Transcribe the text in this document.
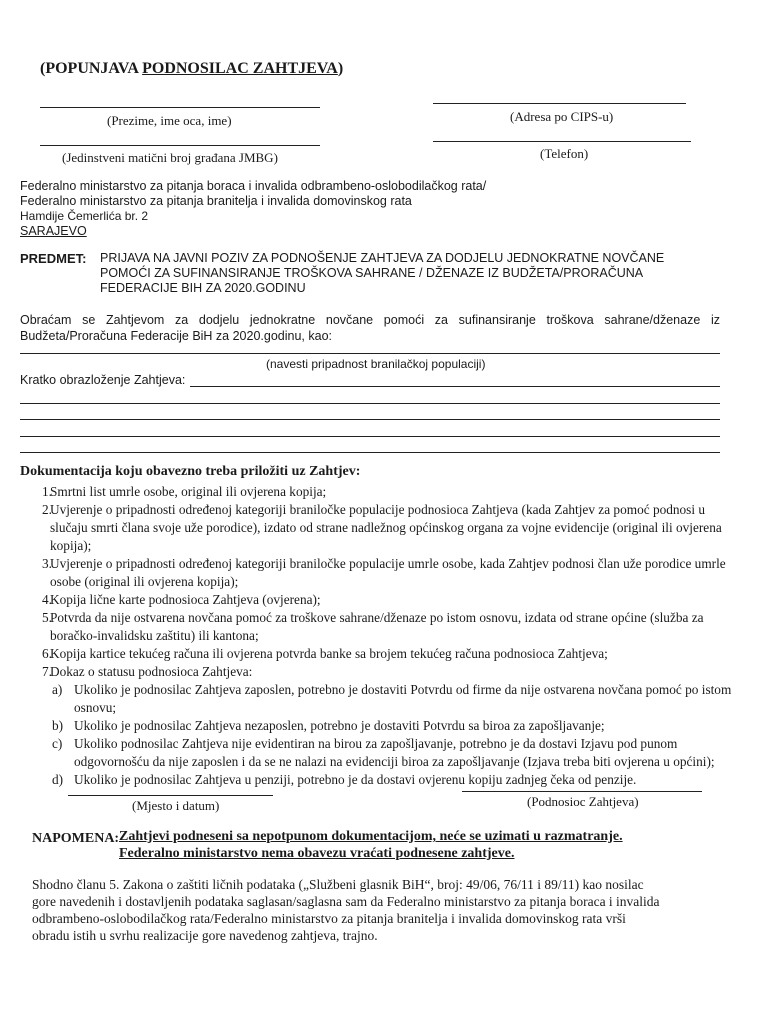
(POPUNJAVA PODNOSILAC ZAHTJEVA)
(Prezime, ime oca, ime)	(Adresa po CIPS-u)
(Jedinstveni matični broj građana JMBG)	(Telefon)
Federalno ministarstvo za pitanja boraca i invalida odbrambeno-oslobodilačkog rata/
Federalno ministarstvo za pitanja branitelja i invalida domovinskog rata
Hamdije Čemerlića br. 2
SARAJEVO
PREDMET: PRIJAVA NA JAVNI POZIV ZA PODNOŠENJE ZAHTJEVA ZA DODJELU JEDNOKRATNE NOVČANE
POMOĆI ZA SUFINANSIRANJE TROŠKOVA SAHRANE / DŽENAZE IZ BUDŽETA/PRORAČUNA
FEDERACIJE BIH ZA 2020.GODINU
Obraćam se Zahtjevom za dodjelu jednokratne novčane pomoći za sufinansiranje troškova sahrane/dženaze iz
Budžeta/Proračuna Federacije BiH za 2020.godinu, kao:
(navesti pripadnost branilačkoj populaciji)
Kratko obrazloženje Zahtjeva:
Dokumentacija koju obavezno treba priložiti uz Zahtjev:
1.
Smrtni list umrle osobe, original ili ovjerena kopija;
2.
Uvjerenje o pripadnosti određenoj kategoriji braniločke populacije podnosioca Zahtjeva (kada Zahtjev za pomoć podnosi u slučaju smrti člana svoje uže porodice), izdato od strane nadležnog općinskog organa za vojne evidencije (original ili ovjerena kopija);
3.
Uvjerenje o pripadnosti određenoj kategoriji braniločke populacije umrle osobe, kada Zahtjev podnosi član uže porodice umrle osobe (original ili ovjerena kopija);
4.
Kopija lične karte podnosioca Zahtjeva (ovjerena);
5.
Potvrda da nije ostvarena novčana pomoć za troškove sahrane/dženaze po istom osnovu, izdata od strane općine (služba za boračko-invalidsku zaštitu) ili kantona;
6.
Kopija kartice tekućeg računa ili ovjerena potvrda banke sa brojem tekućeg računa podnosioca Zahtjeva;
7.
Dokaz o statusu podnosioca Zahtjeva:
a) Ukoliko je podnosilac Zahtjeva zaposlen, potrebno je dostaviti Potvrdu od firme da nije ostvarena novčana pomoć po istom osnovu;
b) Ukoliko je podnosilac Zahtjeva nezaposlen, potrebno je dostaviti Potvrdu sa biroa za zapošljavanje;
c) Ukoliko podnosilac Zahtjeva nije evidentiran na birou za zapošljavanje, potrebno je da dostavi Izjavu pod punom odgovornošću da nije zaposlen i da se ne nalazi na evidenciji biroa za zapošljavanje (Izjava treba biti ovjerena u općini);
d) Ukoliko je podnosilac Zahtjeva u penziji, potrebno je da dostavi ovjerenu kopiju zadnjeg čeka od penzije.
(Mjesto i datum)	(Podnosioc Zahtjeva)
NAPOMENA: Zahtjevi podneseni sa nepotpunom dokumentacijom, neće se uzimati u razmatranje.
Federalno ministarstvo nema obavezu vraćati podnesene zahtjeve.
Shodno članu 5. Zakona o zaštiti ličnih podataka („Službeni glasnik BiH“, broj: 49/06, 76/11 i 89/11) kao nosilac
gore navedenih i dostavljenih podataka saglasan/saglasna sam da Federalno ministarstvo za pitanja boraca i invalida
odbrambeno-oslobodilačkog rata/Federalno ministarstvo za pitanja branitelja i invalida domovinskog rata vrši
obradu istih u svrhu realizacije gore navedenog zahtjeva, trajno.
